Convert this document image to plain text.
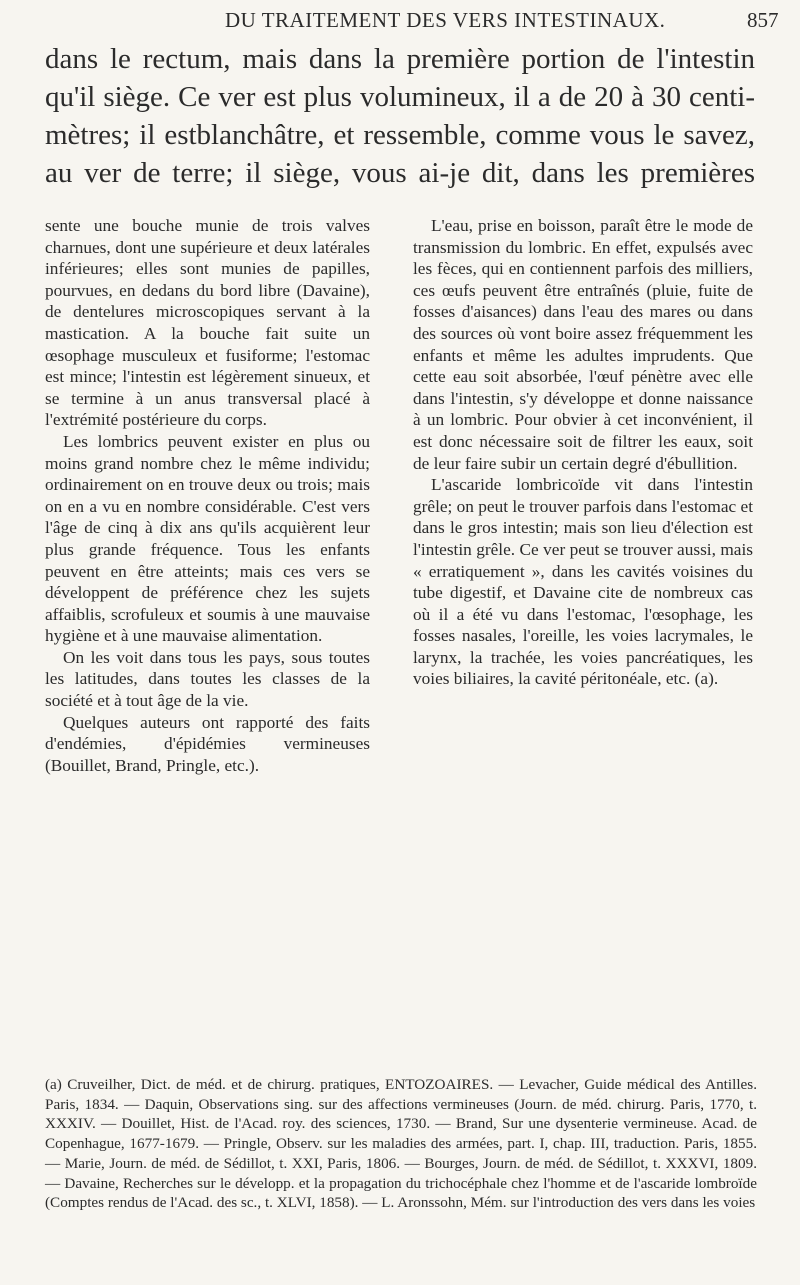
DU TRAITEMENT DES VERS INTESTINAUX.	857

dans le rectum, mais dans la première portion de l'intestin

qu'il siège. Ce ver est plus volumineux, il a de 20 à 30 centi-

mètres; il estblanchâtre, et ressemble, comme vous le savez,

au ver de terre; il siège, vous ai-je dit, dans les premières

sente une bouche munie de trois valves charnues, dont une supérieure et deux latérales inférieures; elles sont munies de papilles, pourvues, en dedans du bord libre (Davaine), de dentelures microscopiques servant à la mastication. A la bouche fait suite un œsophage musculeux et fusiforme; l'estomac est mince; l'intestin est légèrement sinueux, et se termine à un anus transversal placé à l'extrémité postérieure du corps.

Les lombrics peuvent exister en plus ou moins grand nombre chez le même individu; ordinairement on en trouve deux ou trois; mais on en a vu en nombre considérable. C'est vers l'âge de cinq à dix ans qu'ils acquièrent leur plus grande fréquence. Tous les enfants peuvent en être atteints; mais ces vers se développent de préférence chez les sujets affaiblis, scrofuleux et soumis à une mauvaise hygiène et à une mauvaise alimentation.

On les voit dans tous les pays, sous toutes les latitudes, dans toutes les classes de la société et à tout âge de la vie.

Quelques auteurs ont rapporté des faits d'endémies, d'épidémies vermineuses (Bouillet, Brand, Pringle, etc.).

L'eau, prise en boisson, paraît être le mode de transmission du lombric. En effet, expulsés avec les fèces, qui en contiennent parfois des milliers, ces œufs peuvent être entraînés (pluie, fuite de fosses d'aisances) dans l'eau des mares ou dans des sources où vont boire assez fréquemment les enfants et même les adultes imprudents. Que cette eau soit absorbée, l'œuf pénètre avec elle dans l'intestin, s'y développe et donne naissance à un lombric. Pour obvier à cet inconvénient, il est donc nécessaire soit de filtrer les eaux, soit de leur faire subir un certain degré d'ébullition.

L'ascaride lombricoïde vit dans l'intestin grêle; on peut le trouver parfois dans l'estomac et dans le gros intestin; mais son lieu d'élection est l'intestin grêle. Ce ver peut se trouver aussi, mais « erratiquement », dans les cavités voisines du tube digestif, et Davaine cite de nombreux cas où il a été vu dans l'estomac, l'œsophage, les fosses nasales, l'oreille, les voies lacrymales, le larynx, la trachée, les voies pancréatiques, les voies biliaires, la cavité péritonéale, etc. (a).

(a) Cruveilher, Dict. de méd. et de chirurg. pratiques, ENTOZOAIRES. — Levacher, Guide médical des Antilles. Paris, 1834. — Daquin, Observations sing. sur des affections vermineuses (Journ. de méd. chirurg. Paris, 1770, t. XXXIV. — Douillet, Hist. de l'Acad. roy. des sciences, 1730. — Brand, Sur une dysenterie vermineuse. Acad. de Copenhague, 1677-1679. — Pringle, Observ. sur les maladies des armées, part. I, chap. III, traduction. Paris, 1855. — Marie, Journ. de méd. de Sédillot, t. XXI, Paris, 1806. — Bourges, Journ. de méd. de Sédillot, t. XXXVI, 1809. — Davaine, Recherches sur le développ. et la propagation du trichocéphale chez l'homme et de l'ascaride lombroïde (Comptes rendus de l'Acad. des sc., t. XLVI, 1858). — L. Aronssohn, Mém. sur l'introduction des vers dans les voies
